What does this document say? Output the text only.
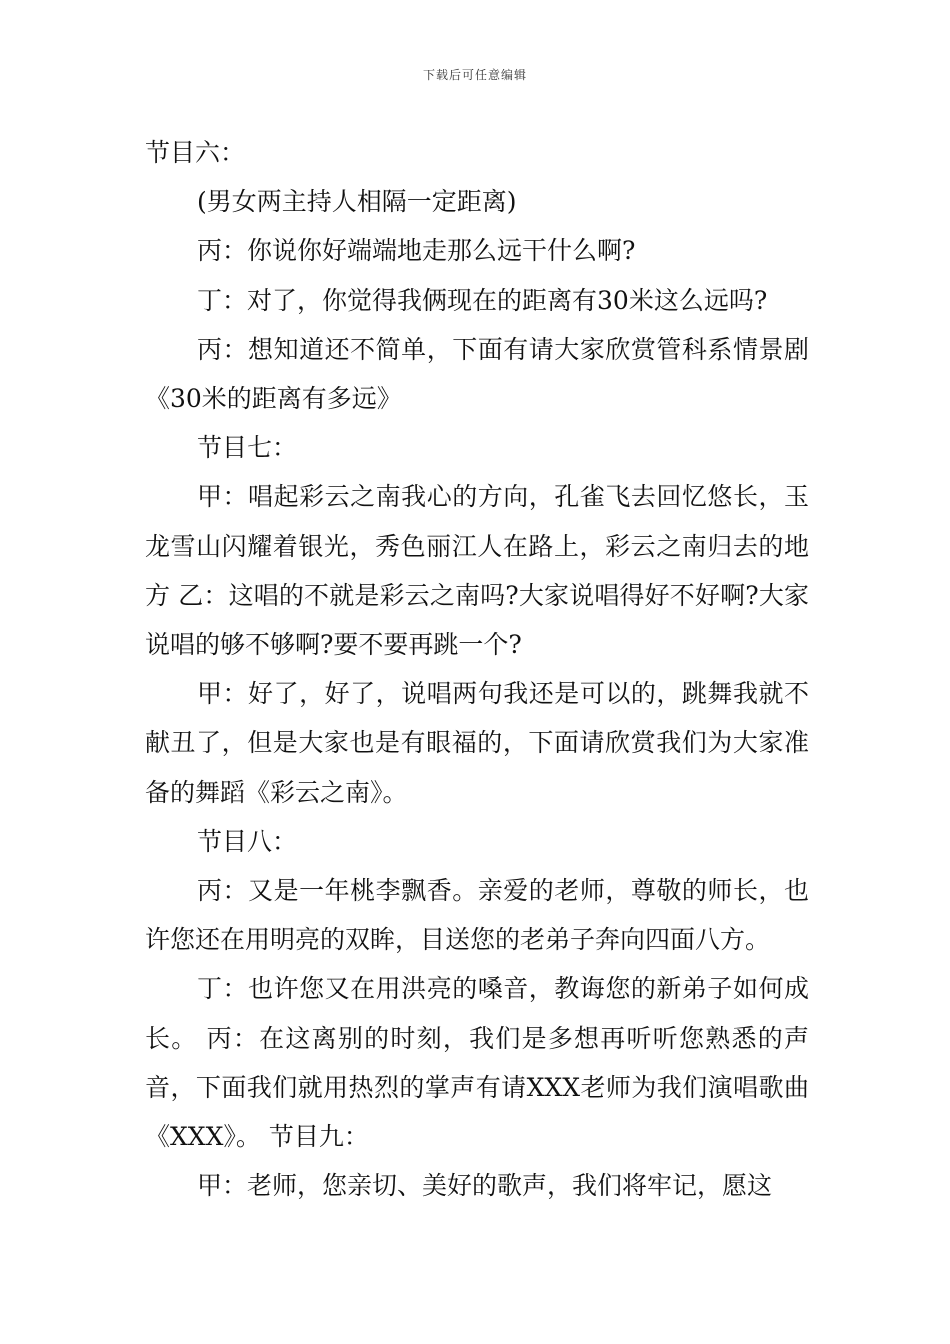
下载后可任意编辑

节目六：

(男女两主持人相隔一定距离)

丙：你说你好端端地走那么远干什么啊?

丁：对了，你觉得我俩现在的距离有30米这么远吗?

丙：想知道还不简单，下面有请大家欣赏管科系情景剧《30米的距离有多远》

节目七：

甲：唱起彩云之南我心的方向，孔雀飞去回忆悠长，玉龙雪山闪耀着银光，秀色丽江人在路上，彩云之南归去的地方 乙：这唱的不就是彩云之南吗?大家说唱得好不好啊?大家说唱的够不够啊?要不要再跳一个?

甲：好了，好了，说唱两句我还是可以的，跳舞我就不献丑了，但是大家也是有眼福的，下面请欣赏我们为大家准备的舞蹈《彩云之南》。

节目八：

丙：又是一年桃李飘香。亲爱的老师，尊敬的师长，也许您还在用明亮的双眸，目送您的老弟子奔向四面八方。

丁：也许您又在用洪亮的嗓音，教诲您的新弟子如何成长。 丙：在这离别的时刻，我们是多想再听听您熟悉的声音，下面我们就用热烈的掌声有请XXX老师为我们演唱歌曲《XXX》。 节目九：

甲：老师，您亲切、美好的歌声，我们将牢记，愿这
